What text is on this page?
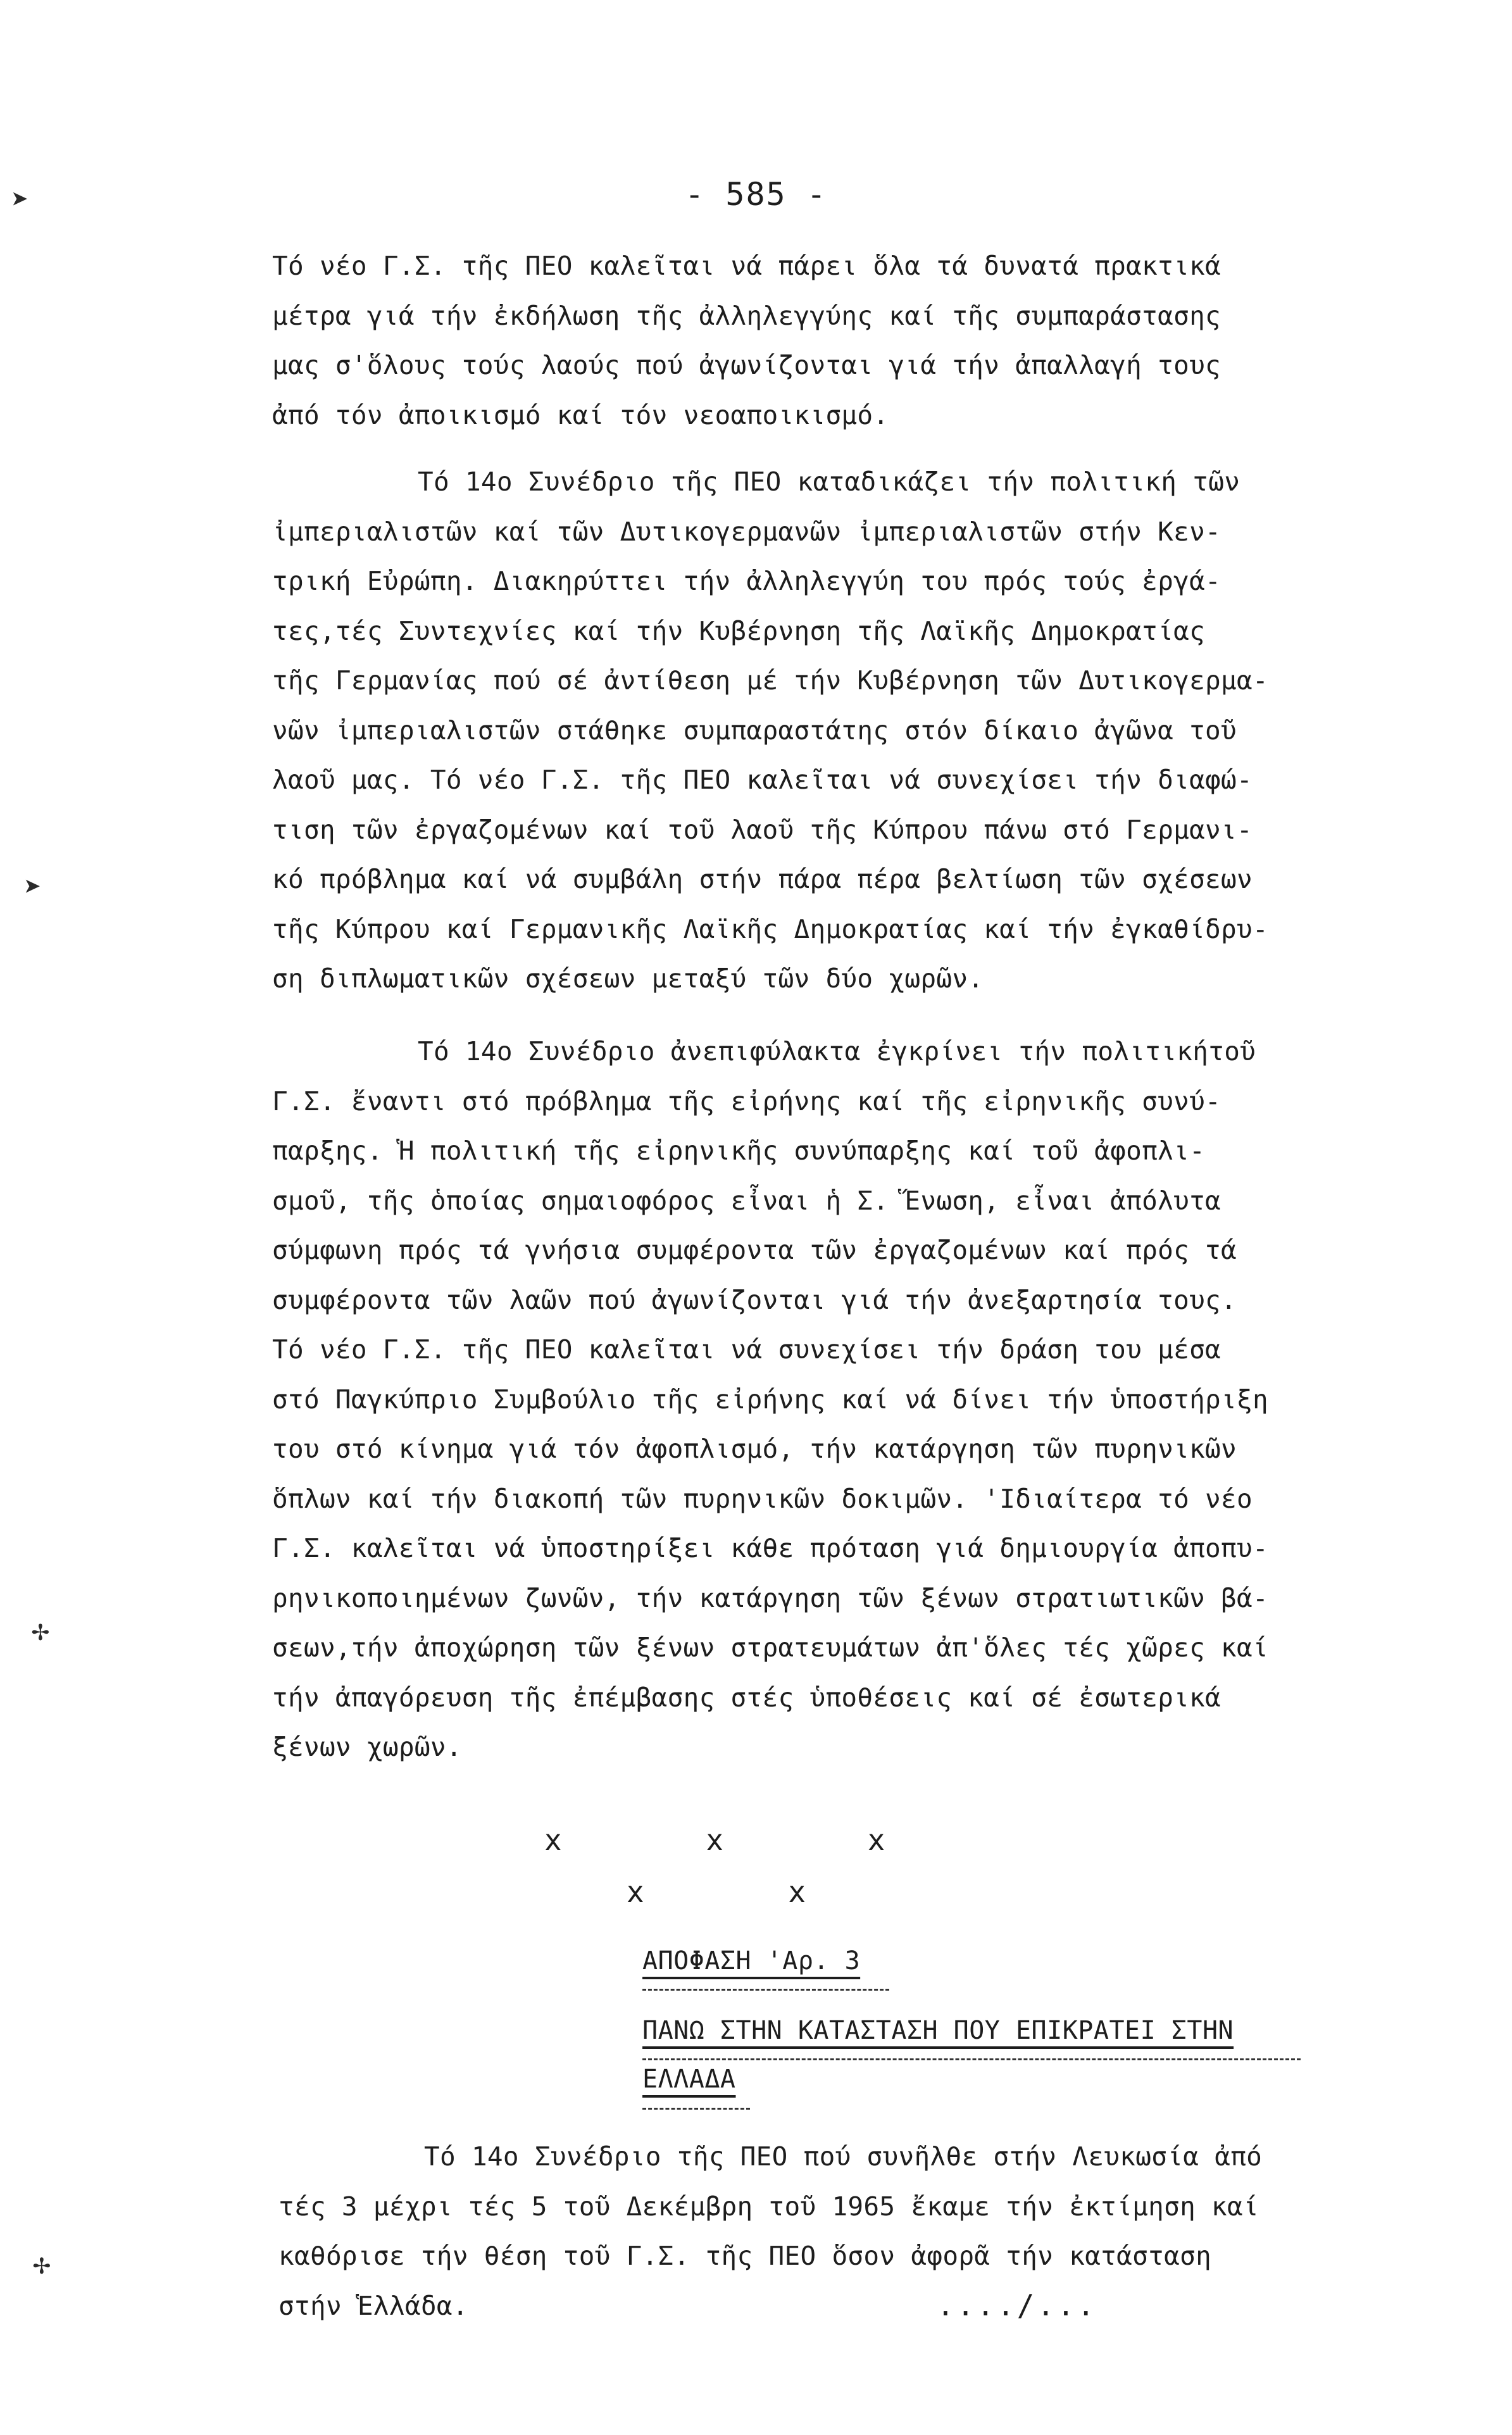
➤
➤
✢
✢
- 585 -
Τό νέο Γ.Σ. τῆς ΠΕΟ καλεῖται νά πάρει ὅλα τά δυνατά πρακτικά
μέτρα γιά τήν ἐκδήλωση τῆς ἀλληλεγγύης καί τῆς συμπαράστασης
μας σ'ὅλους τούς λαούς πού ἀγωνίζονται γιά τήν ἀπαλλαγή τους
ἀπό τόν ἀποικισμό καί τόν νεοαποικισμό.
Τό 14ο Συνέδριο τῆς ΠΕΟ καταδικάζει τήν πολιτική τῶν
ἰμπεριαλιστῶν καί τῶν Δυτικογερμανῶν ἰμπεριαλιστῶν στήν Κεν-
τρική Εὐρώπη. Διακηρύττει τήν ἀλληλεγγύη του πρός τούς ἐργά-
τες,τές Συντεχνίες καί τήν Κυβέρνηση τῆς Λαϊκῆς Δημοκρατίας
τῆς Γερμανίας πού σέ ἀντίθεση μέ τήν Κυβέρνηση τῶν Δυτικογερμα-
νῶν ἰμπεριαλιστῶν στάθηκε συμπαραστάτης στόν δίκαιο ἀγῶνα τοῦ
λαοῦ μας. Τό νέο Γ.Σ. τῆς ΠΕΟ καλεῖται νά συνεχίσει τήν διαφώ-
τιση τῶν ἐργαζομένων καί τοῦ λαοῦ τῆς Κύπρου πάνω στό Γερμανι-
κό πρόβλημα καί νά συμβάλη στήν πάρα πέρα βελτίωση τῶν σχέσεων
τῆς Κύπρου καί Γερμανικῆς Λαϊκῆς Δημοκρατίας καί τήν ἐγκαθίδρυ-
ση διπλωματικῶν σχέσεων μεταξύ τῶν δύο χωρῶν.
Τό 14ο Συνέδριο ἀνεπιφύλακτα ἐγκρίνει τήν πολιτικήτοῦ
Γ.Σ. ἔναντι στό πρόβλημα τῆς εἰρήνης καί τῆς εἰρηνικῆς συνύ-
παρξης. Ἡ πολιτική τῆς εἰρηνικῆς συνύπαρξης καί τοῦ ἀφοπλι-
σμοῦ, τῆς ὁποίας σημαιοφόρος εἶναι ἡ Σ. Ἕνωση, εἶναι ἀπόλυτα
σύμφωνη πρός τά γνήσια συμφέροντα τῶν ἐργαζομένων καί πρός τά
συμφέροντα τῶν λαῶν πού ἀγωνίζονται γιά τήν ἀνεξαρτησία τους.
Τό νέο Γ.Σ. τῆς ΠΕΟ καλεῖται νά συνεχίσει τήν δράση του μέσα
στό Παγκύπριο Συμβούλιο τῆς εἰρήνης καί νά δίνει τήν ὑποστήριξη
του στό κίνημα γιά τόν ἀφοπλισμό, τήν κατάργηση τῶν πυρηνικῶν
ὅπλων καί τήν διακοπή τῶν πυρηνικῶν δοκιμῶν. 'Ιδιαίτερα τό νέο
Γ.Σ. καλεῖται νά ὑποστηρίξει κάθε πρόταση γιά δημιουργία ἀποπυ-
ρηνικοποιημένων ζωνῶν, τήν κατάργηση τῶν ξένων στρατιωτικῶν βά-
σεων,τήν ἀποχώρηση τῶν ξένων στρατευμάτων ἀπ'ὅλες τές χῶρες καί
τήν ἀπαγόρευση τῆς ἐπέμβασης στές ὑποθέσεις καί σέ ἐσωτερικά
ξένων χωρῶν.
x x x
x x
ΑΠΟΦΑΣΗ 'Αρ. 3
ΠΑΝΩ ΣΤΗΝ ΚΑΤΑΣΤΑΣΗ ΠΟΥ ΕΠΙΚΡΑΤΕΙ ΣΤΗΝ
ΕΛΛΑΔΑ
Τό 14ο Συνέδριο τῆς ΠΕΟ πού συνῆλθε στήν Λευκωσία ἀπό
τές 3 μέχρι τές 5 τοῦ Δεκέμβρη τοῦ 1965 ἔκαμε τήν ἐκτίμηση καί
καθόρισε τήν θέση τοῦ Γ.Σ. τῆς ΠΕΟ ὅσον ἀφορᾶ τήν κατάσταση
στήν Ἑλλάδα.	..../...
